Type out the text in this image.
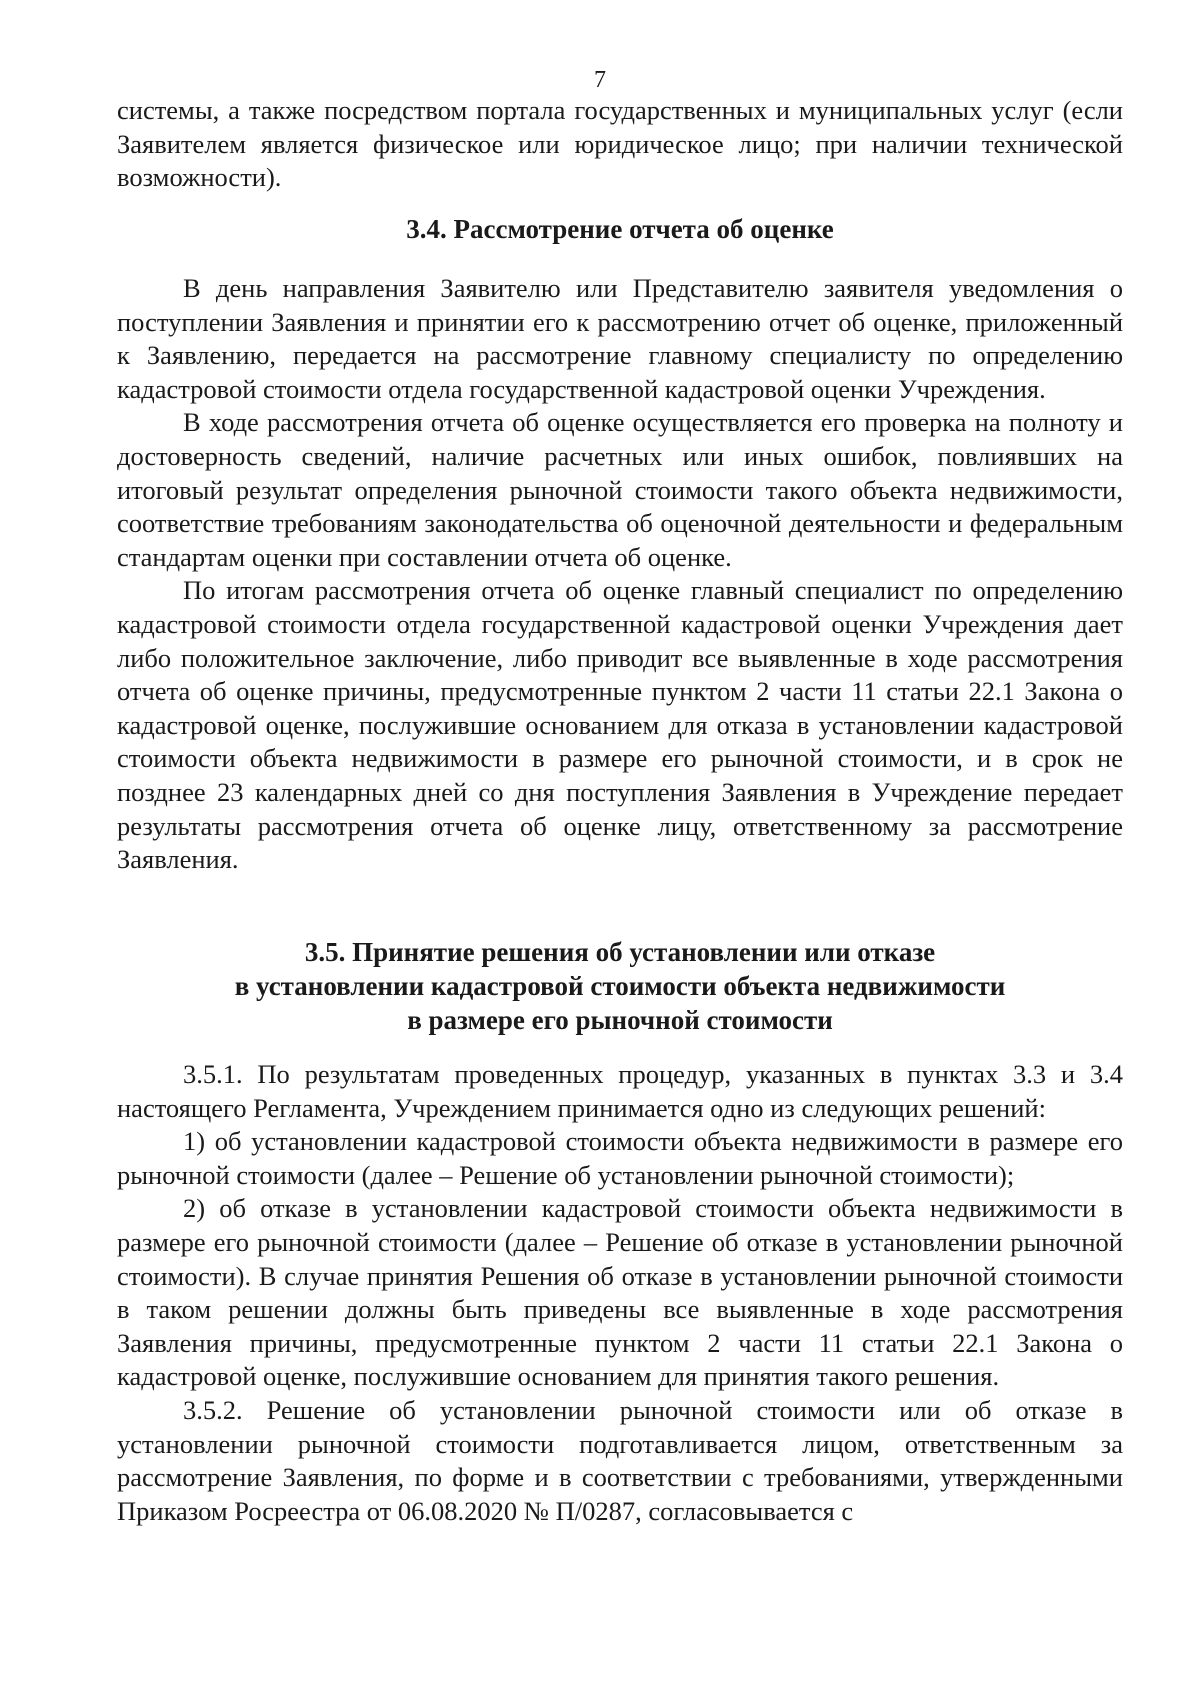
7

системы, а также посредством портала государственных и муниципальных услуг (если Заявителем является физическое или юридическое лицо; при наличии технической возможности).

3.4. Рассмотрение отчета об оценке

В день направления Заявителю или Представителю заявителя уведомления о поступлении Заявления и принятии его к рассмотрению отчет об оценке, приложенный к Заявлению, передается на рассмотрение главному специалисту по определению кадастровой стоимости отдела государственной кадастровой оценки Учреждения.

В ходе рассмотрения отчета об оценке осуществляется его проверка на полноту и достоверность сведений, наличие расчетных или иных ошибок, повлиявших на итоговый результат определения рыночной стоимости такого объекта недвижимости, соответствие требованиям законодательства об оценочной деятельности и федеральным стандартам оценки при составлении отчета об оценке.

По итогам рассмотрения отчета об оценке главный специалист по определению кадастровой стоимости отдела государственной кадастровой оценки Учреждения дает либо положительное заключение, либо приводит все выявленные в ходе рассмотрения отчета об оценке причины, предусмотренные пунктом 2 части 11 статьи 22.1 Закона о кадастровой оценке, послужившие основанием для отказа в установлении кадастровой стоимости объекта недвижимости в размере его рыночной стоимости, и в срок не позднее 23 календарных дней со дня поступления Заявления в Учреждение передает результаты рассмотрения отчета об оценке лицу, ответственному за рассмотрение Заявления.

3.5. Принятие решения об установлении или отказе
в установлении кадастровой стоимости объекта недвижимости
в размере его рыночной стоимости

3.5.1. По результатам проведенных процедур, указанных в пунктах 3.3 и 3.4 настоящего Регламента, Учреждением принимается одно из следующих решений:

1) об установлении кадастровой стоимости объекта недвижимости в размере его рыночной стоимости (далее – Решение об установлении рыночной стоимости);

2) об отказе в установлении кадастровой стоимости объекта недвижимости в размере его рыночной стоимости (далее – Решение об отказе в установлении рыночной стоимости). В случае принятия Решения об отказе в установлении рыночной стоимости в таком решении должны быть приведены все выявленные в ходе рассмотрения Заявления причины, предусмотренные пунктом 2 части 11 статьи 22.1 Закона о кадастровой оценке, послужившие основанием для принятия такого решения.

3.5.2. Решение об установлении рыночной стоимости или об отказе в установлении рыночной стоимости подготавливается лицом, ответственным за рассмотрение Заявления, по форме и в соответствии с требованиями, утвержденными Приказом Росреестра от 06.08.2020 № П/0287, согласовывается с
